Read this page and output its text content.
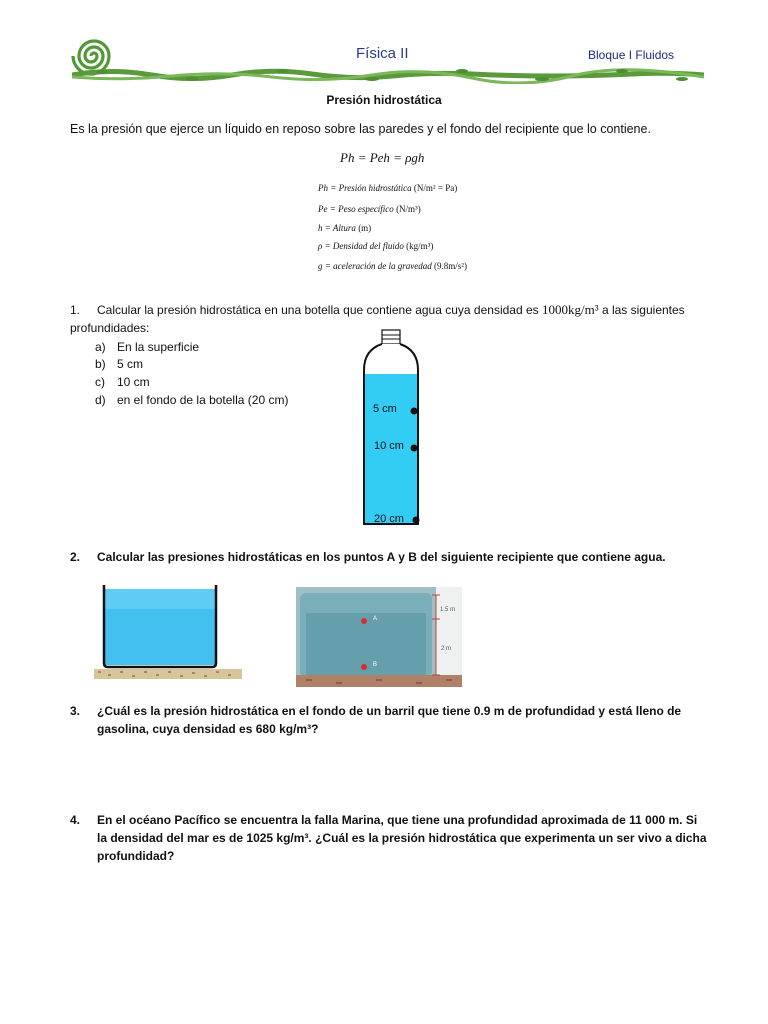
Física II	Bloque I Fluidos
Presión hidrostática
Es la presión que ejerce un líquido en reposo sobre las paredes y el fondo del recipiente que lo contiene.
Ph = Peh = ρgh
Ph = Presión hidrostática (N/m² = Pa)
Pe = Peso específico (N/m³)
h = Altura (m)
ρ = Densidad del fluido (kg/m³)
g = aceleración de la gravedad (9.8m/s²)
1. Calcular la presión hidrostática en una botella que contiene agua cuya densidad es 1000kg/m³ a las siguientes profundidades:
a) En la superficie
b) 5 cm
c) 10 cm
d) en el fondo de la botella (20 cm)
5 cm
10 cm
20 cm
2. Calcular las presiones hidrostáticas en los puntos A y B del siguiente recipiente que contiene agua.
A
B
1.5 m
2 m
3.	¿Cuál es la presión hidrostática en el fondo de un barril que tiene 0.9 m de profundidad y está lleno de gasolina, cuya densidad es 680 kg/m³?
4.	En el océano Pacífico se encuentra la falla Marina, que tiene una profundidad aproximada de 11 000 m. Si la densidad del mar es de 1025 kg/m³. ¿Cuál es la presión hidrostática que experimenta un ser vivo a dicha profundidad?
